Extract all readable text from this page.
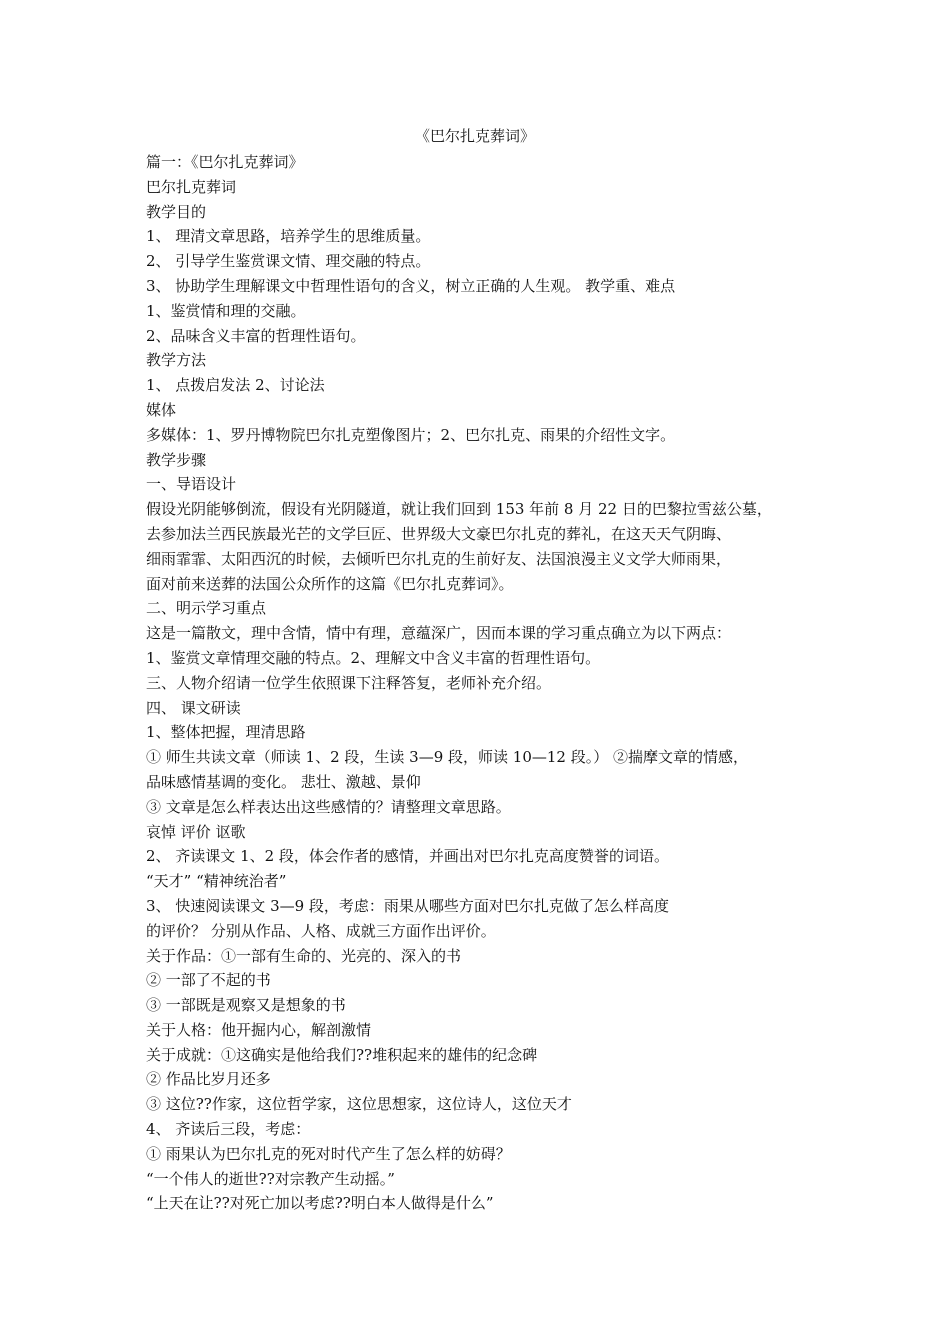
《巴尔扎克葬词》
篇一：《巴尔扎克葬词》
巴尔扎克葬词
教学目的
1、 理清文章思路，培养学生的思维质量。
2、 引导学生鉴赏课文情、理交融的特点。
3、 协助学生理解课文中哲理性语句的含义，树立正确的人生观。 教学重、难点
1、鉴赏情和理的交融。
2、品味含义丰富的哲理性语句。
教学方法
1、 点拨启发法 2、讨论法
媒体
多媒体：1、罗丹博物院巴尔扎克塑像图片；2、巴尔扎克、雨果的介绍性文字。
教学步骤
一、导语设计
假设光阴能够倒流，假设有光阴隧道，就让我们回到 153 年前 8 月 22 日的巴黎拉雪兹公墓，
去参加法兰西民族最光芒的文学巨匠、世界级大文豪巴尔扎克的葬礼，在这天天气阴晦、
细雨霏霏、太阳西沉的时候，去倾听巴尔扎克的生前好友、法国浪漫主义文学大师雨果，
面对前来送葬的法国公众所作的这篇《巴尔扎克葬词》。
二、明示学习重点
这是一篇散文，理中含情，情中有理，意蕴深广，因而本课的学习重点确立为以下两点：
1、鉴赏文章情理交融的特点。2、理解文中含义丰富的哲理性语句。
三、人物介绍请一位学生依照课下注释答复，老师补充介绍。
四、 课文研读
1、整体把握，理清思路
① 师生共读文章（师读 1、2 段，生读 3—9 段，师读 10—12 段。） ②揣摩文章的情感，
品味感情基调的变化。 悲壮、激越、景仰
③ 文章是怎么样表达出这些感情的？请整理文章思路。
哀悼 评价 讴歌
2、 齐读课文 1、2 段，体会作者的感情，并画出对巴尔扎克高度赞誉的词语。
“天才” “精神统治者”
3、 快速阅读课文 3—9 段，考虑：雨果从哪些方面对巴尔扎克做了怎么样高度
的评价？ 分别从作品、人格、成就三方面作出评价。
关于作品：①一部有生命的、光亮的、深入的书
② 一部了不起的书
③ 一部既是观察又是想象的书
关于人格：他开掘内心，解剖激情
关于成就：①这确实是他给我们??堆积起来的雄伟的纪念碑
② 作品比岁月还多
③ 这位??作家，这位哲学家，这位思想家，这位诗人，这位天才
4、 齐读后三段，考虑：
① 雨果认为巴尔扎克的死对时代产生了怎么样的妨碍？
“一个伟人的逝世??对宗教产生动摇。”
“上天在让??对死亡加以考虑??明白本人做得是什么”
